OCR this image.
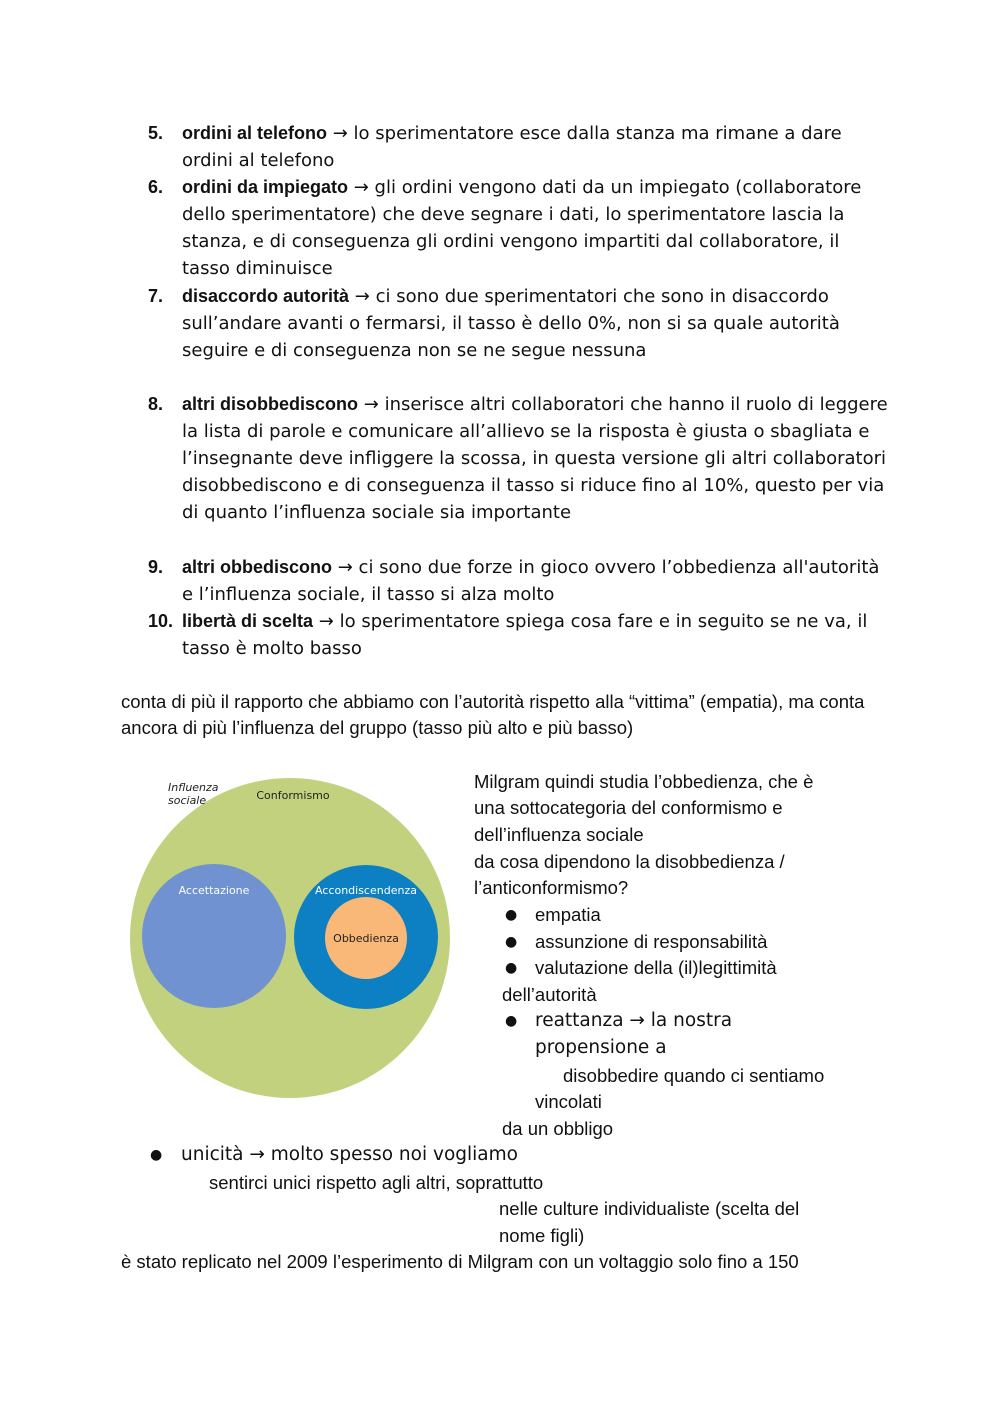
5.	ordini al telefono → lo sperimentatore esce dalla stanza ma rimane a dare ordini al telefono
6.	ordini da impiegato → gli ordini vengono dati da un impiegato (collaboratore dello sperimentatore) che deve segnare i dati, lo sperimentatore lascia la stanza, e di conseguenza gli ordini vengono impartiti dal collaboratore, il tasso diminuisce
7.	disaccordo autorità → ci sono due sperimentatori che sono in disaccordo sull’andare avanti o fermarsi, il tasso è dello 0%, non si sa quale autorità seguire e di conseguenza non se ne segue nessuna
8.	altri disobbediscono → inserisce altri collaboratori che hanno il ruolo di leggere la lista di parole e comunicare all’allievo se la risposta è giusta o sbagliata e l’insegnante deve infliggere la scossa, in questa versione gli altri collaboratori disobbediscono e di conseguenza il tasso si riduce fino al 10%, questo per via di quanto l’influenza sociale sia importante
9.	altri obbediscono → ci sono due forze in gioco ovvero l’obbedienza all'autorità e l’influenza sociale, il tasso si alza molto
10. libertà di scelta → lo sperimentatore spiega cosa fare e in seguito se ne va, il tasso è molto basso
conta di più il rapporto che abbiamo con l’autorità rispetto alla “vittima” (empatia), ma conta ancora di più l’influenza del gruppo (tasso più alto e più basso)
Influenza
sociale	Conformismo
Accettazione	Accondiscendenza
Obbedienza
Milgram quindi studia l’obbedienza, che è
una sottocategoria del conformismo e
dell’influenza sociale
da cosa dipendono la disobbedienza /
l’anticonformismo?
● empatia
● assunzione di responsabilità
● valutazione della (il)legittimità
dell’autorità
● reattanza → la nostra
propensione a
disobbedire quando ci sentiamo
vincolati
da un obbligo
● unicità → molto spesso noi vogliamo
sentirci unici rispetto agli altri, soprattutto
nelle culture individualiste (scelta del
nome figli)
è stato replicato nel 2009 l’esperimento di Milgram con un voltaggio solo fino a 150
